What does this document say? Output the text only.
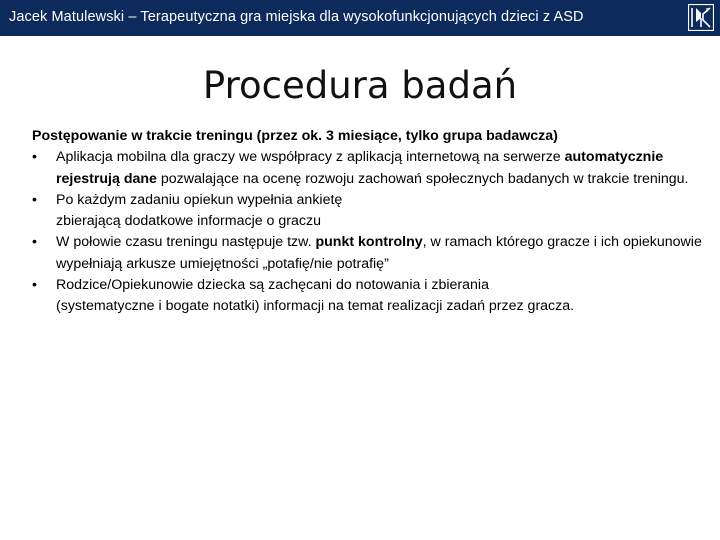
Jacek Matulewski – Terapeutyczna gra miejska dla wysokofunkcjonujących dzieci z ASD
Procedura badań

Postępowanie w trakcie treningu (przez ok. 3 miesiące, tylko grupa badawcza)

• Aplikacja mobilna dla graczy we współpracy z aplikacją internetową na serwerze automatycznie rejestrują dane pozwalające na ocenę rozwoju zachowań społecznych badanych w trakcie treningu.
• Po każdym zadaniu opiekun wypełnia ankietę
zbierającą dodatkowe informacje o graczu
• W połowie czasu treningu następuje tzw. punkt kontrolny, w ramach którego gracze i ich opiekunowie wypełniają arkusze umiejętności „potafię/nie potrafię”
• Rodzice/Opiekunowie dziecka są zachęcani do notowania i zbierania
(systematyczne i bogate notatki) informacji na temat realizacji zadań przez gracza.
